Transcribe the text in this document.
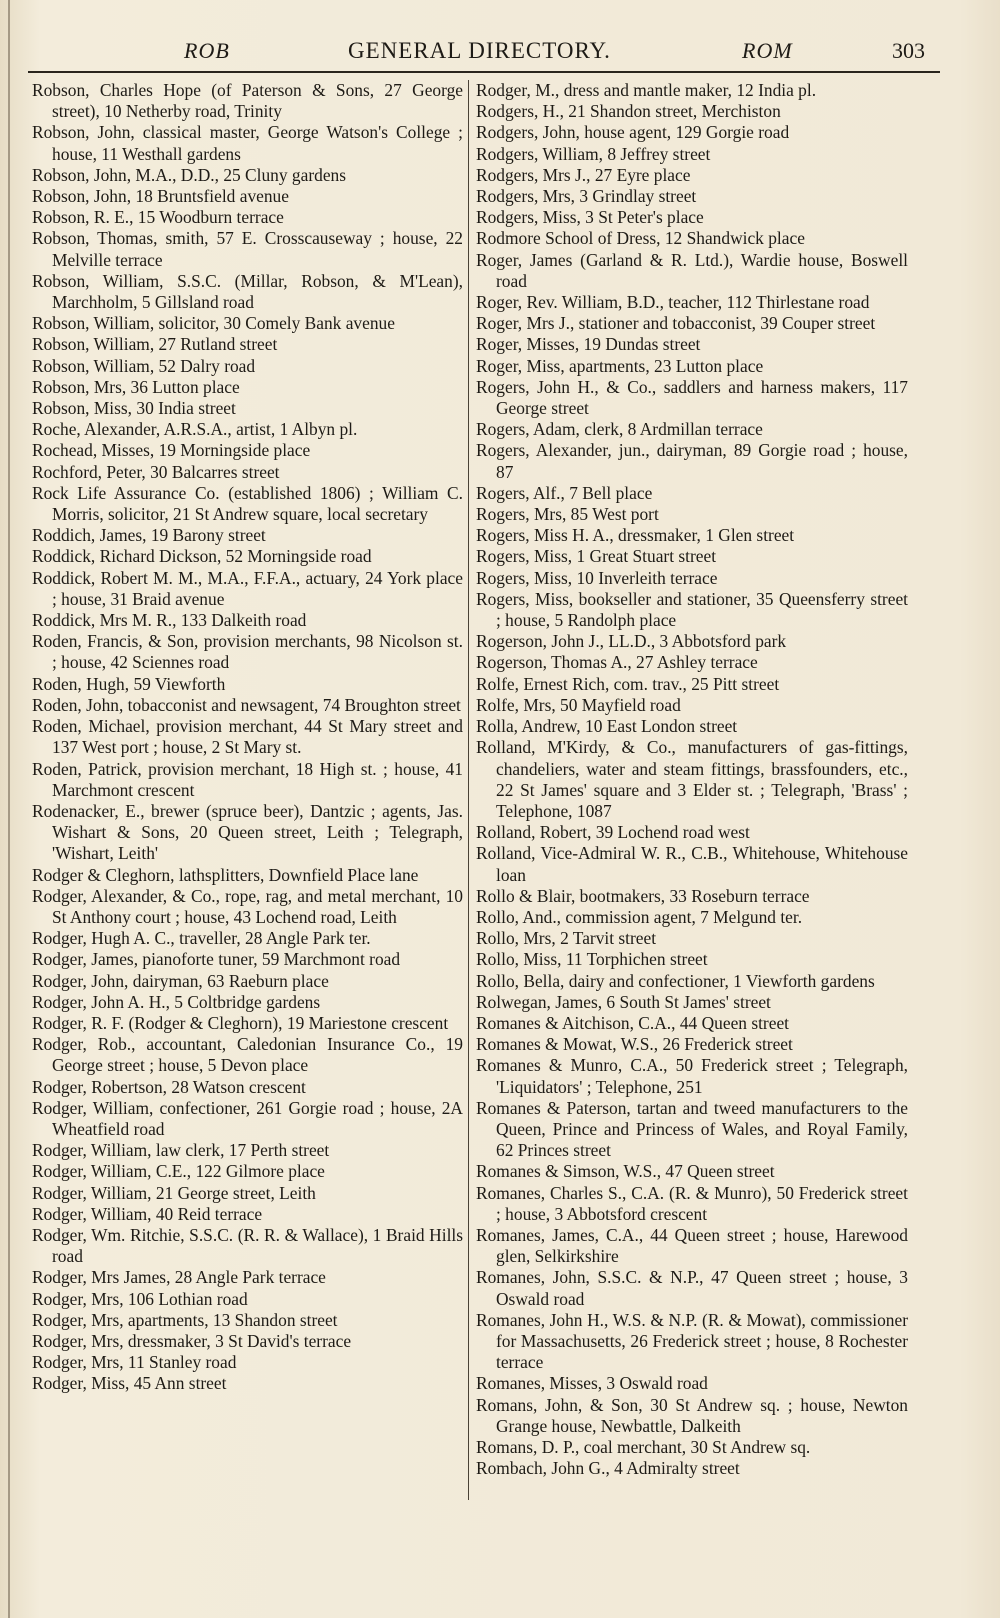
ROB	GENERAL DIRECTORY.	ROM	303
Robson, Charles Hope (of Paterson & Sons, 27 George street), 10 Netherby road, Trinity
Robson, John, classical master, George Watson's College ; house, 11 Westhall gardens
Robson, John, M.A., D.D., 25 Cluny gardens
Robson, John, 18 Bruntsfield avenue
Robson, R. E., 15 Woodburn terrace
Robson, Thomas, smith, 57 E. Crosscauseway ; house, 22 Melville terrace
Robson, William, S.S.C. (Millar, Robson, & M'Lean), Marchholm, 5 Gillsland road
Robson, William, solicitor, 30 Comely Bank avenue
Robson, William, 27 Rutland street
Robson, William, 52 Dalry road
Robson, Mrs, 36 Lutton place
Robson, Miss, 30 India street
Roche, Alexander, A.R.S.A., artist, 1 Albyn pl.
Rochead, Misses, 19 Morningside place
Rochford, Peter, 30 Balcarres street
Rock Life Assurance Co. (established 1806) ; William C. Morris, solicitor, 21 St Andrew square, local secretary
Roddich, James, 19 Barony street
Roddick, Richard Dickson, 52 Morningside road
Roddick, Robert M. M., M.A., F.F.A., actuary, 24 York place ; house, 31 Braid avenue
Roddick, Mrs M. R., 133 Dalkeith road
Roden, Francis, & Son, provision merchants, 98 Nicolson st. ; house, 42 Sciennes road
Roden, Hugh, 59 Viewforth
Roden, John, tobacconist and newsagent, 74 Broughton street
Roden, Michael, provision merchant, 44 St Mary street and 137 West port ; house, 2 St Mary st.
Roden, Patrick, provision merchant, 18 High st. ; house, 41 Marchmont crescent
Rodenacker, E., brewer (spruce beer), Dantzic ; agents, Jas. Wishart & Sons, 20 Queen street, Leith ; Telegraph, 'Wishart, Leith'
Rodger & Cleghorn, lathsplitters, Downfield Place lane
Rodger, Alexander, & Co., rope, rag, and metal merchant, 10 St Anthony court ; house, 43 Lochend road, Leith
Rodger, Hugh A. C., traveller, 28 Angle Park ter.
Rodger, James, pianoforte tuner, 59 Marchmont road
Rodger, John, dairyman, 63 Raeburn place
Rodger, John A. H., 5 Coltbridge gardens
Rodger, R. F. (Rodger & Cleghorn), 19 Mariestone crescent
Rodger, Rob., accountant, Caledonian Insurance Co., 19 George street ; house, 5 Devon place
Rodger, Robertson, 28 Watson crescent
Rodger, William, confectioner, 261 Gorgie road ; house, 2A Wheatfield road
Rodger, William, law clerk, 17 Perth street
Rodger, William, C.E., 122 Gilmore place
Rodger, William, 21 George street, Leith
Rodger, William, 40 Reid terrace
Rodger, Wm. Ritchie, S.S.C. (R. R. & Wallace), 1 Braid Hills road
Rodger, Mrs James, 28 Angle Park terrace
Rodger, Mrs, 106 Lothian road
Rodger, Mrs, apartments, 13 Shandon street
Rodger, Mrs, dressmaker, 3 St David's terrace
Rodger, Mrs, 11 Stanley road
Rodger, Miss, 45 Ann street
Rodger, M., dress and mantle maker, 12 India pl.
Rodgers, H., 21 Shandon street, Merchiston
Rodgers, John, house agent, 129 Gorgie road
Rodgers, William, 8 Jeffrey street
Rodgers, Mrs J., 27 Eyre place
Rodgers, Mrs, 3 Grindlay street
Rodgers, Miss, 3 St Peter's place
Rodmore School of Dress, 12 Shandwick place
Roger, James (Garland & R. Ltd.), Wardie house, Boswell road
Roger, Rev. William, B.D., teacher, 112 Thirlestane road
Roger, Mrs J., stationer and tobacconist, 39 Couper street
Roger, Misses, 19 Dundas street
Roger, Miss, apartments, 23 Lutton place
Rogers, John H., & Co., saddlers and harness makers, 117 George street
Rogers, Adam, clerk, 8 Ardmillan terrace
Rogers, Alexander, jun., dairyman, 89 Gorgie road ; house, 87
Rogers, Alf., 7 Bell place
Rogers, Mrs, 85 West port
Rogers, Miss H. A., dressmaker, 1 Glen street
Rogers, Miss, 1 Great Stuart street
Rogers, Miss, 10 Inverleith terrace
Rogers, Miss, bookseller and stationer, 35 Queensferry street ; house, 5 Randolph place
Rogerson, John J., LL.D., 3 Abbotsford park
Rogerson, Thomas A., 27 Ashley terrace
Rolfe, Ernest Rich, com. trav., 25 Pitt street
Rolfe, Mrs, 50 Mayfield road
Rolla, Andrew, 10 East London street
Rolland, M'Kirdy, & Co., manufacturers of gas-fittings, chandeliers, water and steam fittings, brassfounders, etc., 22 St James' square and 3 Elder st. ; Telegraph, 'Brass' ; Telephone, 1087
Rolland, Robert, 39 Lochend road west
Rolland, Vice-Admiral W. R., C.B., Whitehouse, Whitehouse loan
Rollo & Blair, bootmakers, 33 Roseburn terrace
Rollo, And., commission agent, 7 Melgund ter.
Rollo, Mrs, 2 Tarvit street
Rollo, Miss, 11 Torphichen street
Rollo, Bella, dairy and confectioner, 1 Viewforth gardens
Rolwegan, James, 6 South St James' street
Romanes & Aitchison, C.A., 44 Queen street
Romanes & Mowat, W.S., 26 Frederick street
Romanes & Munro, C.A., 50 Frederick street ; Telegraph, 'Liquidators' ; Telephone, 251
Romanes & Paterson, tartan and tweed manufacturers to the Queen, Prince and Princess of Wales, and Royal Family, 62 Princes street
Romanes & Simson, W.S., 47 Queen street
Romanes, Charles S., C.A. (R. & Munro), 50 Frederick street ; house, 3 Abbotsford crescent
Romanes, James, C.A., 44 Queen street ; house, Harewood glen, Selkirkshire
Romanes, John, S.S.C. & N.P., 47 Queen street ; house, 3 Oswald road
Romanes, John H., W.S. & N.P. (R. & Mowat), commissioner for Massachusetts, 26 Frederick street ; house, 8 Rochester terrace
Romanes, Misses, 3 Oswald road
Romans, John, & Son, 30 St Andrew sq. ; house, Newton Grange house, Newbattle, Dalkeith
Romans, D. P., coal merchant, 30 St Andrew sq.
Rombach, John G., 4 Admiralty street
